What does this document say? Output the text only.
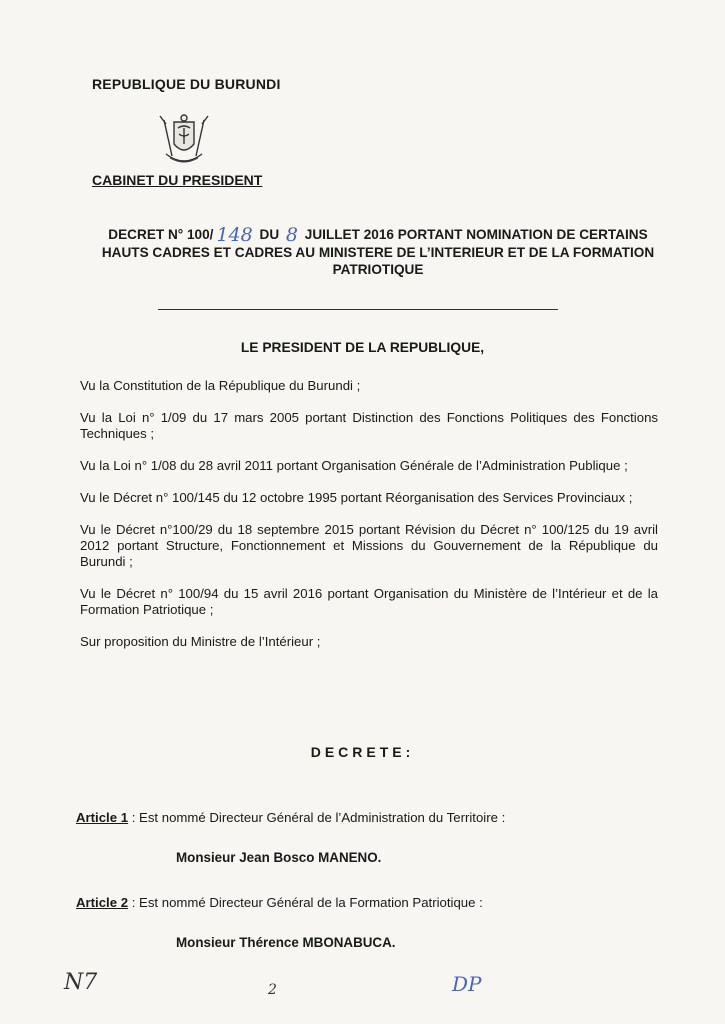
REPUBLIQUE DU BURUNDI
CABINET DU PRESIDENT
DECRET N° 100/ 148 DU 8 JUILLET 2016 PORTANT NOMINATION DE CERTAINS
HAUTS CADRES ET CADRES AU MINISTERE DE L’INTERIEUR ET DE LA FORMATION
PATRIOTIQUE
LE PRESIDENT DE LA REPUBLIQUE,

Vu la Constitution de la République du Burundi ;

Vu la Loi n° 1/09 du 17 mars 2005 portant Distinction des Fonctions Politiques des Fonctions Techniques ;

Vu la Loi n° 1/08 du 28 avril 2011 portant Organisation Générale de l’Administration Publique ;

Vu le Décret n° 100/145 du 12 octobre 1995 portant Réorganisation des Services Provinciaux ;

Vu le Décret n°100/29 du 18 septembre 2015 portant Révision du Décret n° 100/125 du 19 avril 2012 portant Structure, Fonctionnement et Missions du Gouvernement de la République du Burundi ;

Vu le Décret n° 100/94 du 15 avril 2016 portant Organisation du Ministère de l’Intérieur et de la Formation Patriotique ;

Sur proposition du Ministre de l’Intérieur ;

DECRETE:
Article 1 : Est nommé Directeur Général de l’Administration du Territoire :
Monsieur Jean Bosco MANENO.
Article 2 : Est nommé Directeur Général de la Formation Patriotique :
Monsieur Thérence MBONABUCA.
N7	2	DP
